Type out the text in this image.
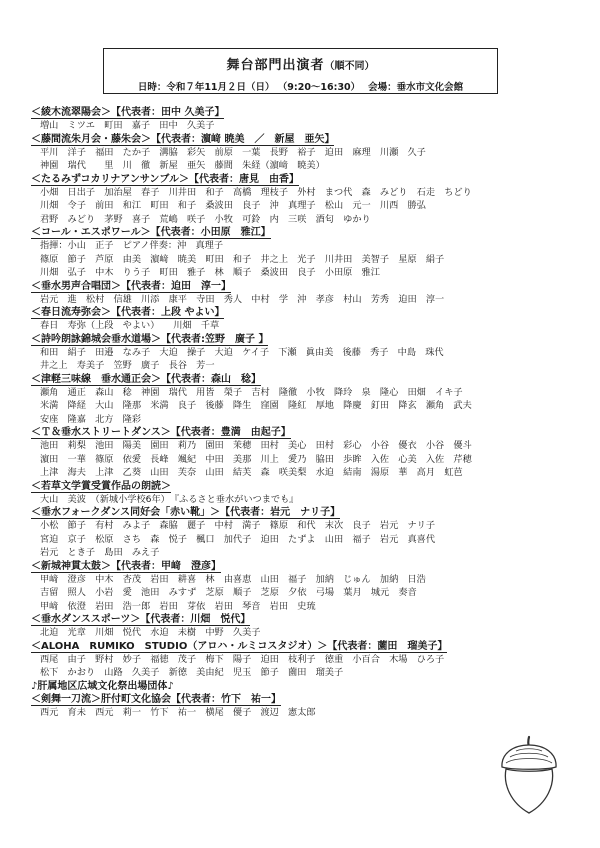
舞台部門出演者（順不同）
日時：令和７年11月２日（日） （9:20～16:30） 会場：垂水市文化会館
＜綾木流翠陽会＞【代表者：田中 久美子】
増山　ミツエ　町田　嘉子　田中　久美子
＜藤間流朱月会・藤朱会＞【代表者：濵﨑 暁美　／　新屋　亜矢】
平川　洋子　福田　たか子　溝脇　彩矢　前原　一葉　長野　裕子　迫田　麻理　川瀬　久子
神園　瑞代　　里　川　徹　新屋　亜矢　藤間　朱経（濵﨑　暁美）
＜たるみずコカリナアンサンブル＞【代表者：唐見　由香】
小畑　日出子　加治屋　春子　川井田　和子　高橋　理枝子　外村　まつ代　森　みどり　石走　ちどり
川畑　令子　前田　和江　町田　和子　桑波田　良子　沖　真理子　松山　元一　川西　勝弘
君野　みどり　茅野　喜子　荒嶋　咲子　小牧　可鈴　内　三咲　酒匂　ゆかり
＜コール・エスポワール＞【代表者：小田原　雅江】
指揮：小山　正子　ピアノ伴奏：沖　真理子
篠原　節子　芦原　由美　濵﨑　暁美　町田　和子　井之上　光子　川井田　美智子　星原　絹子
川畑　弘子　中木　りう子　町田　雅子　林　順子　桑波田　良子　小田原　雅江
＜垂水男声合唱団＞【代表者：迫田　淳一】
岩元　進　松村　信雄　川添　康平　寺田　秀人　中村　学　沖　孝彦　村山　芳秀　迫田　淳一
＜春日流寿弥会＞【代表者：上段 やよい】
春日　寿弥（上段　やよい）　　川畑　千草
＜詩吟朗詠錦城会垂水道場＞【代表者:笠野　廣子 】
和田　絹子　田邉　なみ子　大迫　操子　大迫　ケイ子　下瀬　眞由美　後藤　秀子　中島　珠代
井之上　寿美子　笠野　廣子　長谷　芳一
＜津軽三味線　垂水通正会＞【代表者：森山　稔】
瀬角　通正　森山　稔　神園　瑞代　用皆　榮子　吉村　隆徹　小牧　降玲　泉　隆心　田畑　イキ子
米満　降経　大山　隆那　米満　良子　後藤　降生　窪園　隆紅　厚地　降慶　釘田　降玄　瀬角　武夫
安座　隆嘉　北方　隆彩
＜Ｔ＆垂水ストリートダンス＞【代表者：豊満　由起子】
池田　莉梨　池田　陽美　園田　莉乃　園田　茉穂　田村　美心　田村　彩心　小谷　優衣　小谷　優斗
濵田　一華　篠原　依愛　長峰　颯紀　中田　美那　川上　愛乃　脇田　歩眸　入佐　心美　入佐　芹穂
上津　海夫　上津　乙葵　山田　芙奈　山田　結芙　森　咲美梨　水迫　結南　湯原　華　高月　虹芭
＜若草文学賞受賞作品の朗読＞
大山　美波　（新城小学校6年）　『ふるさと垂水がいつまでも』
＜垂水フォークダンス同好会「赤い靴」＞【代表者：岩元　ナリ子】
小松　節子　有村　みよ子　森脇　麗子　中村　満子　篠原　和代　末次　良子　岩元　ナリ子
宮迫　京子　松原　さち　森　悦子　楓口　加代子　迫田　たずよ　山田　福子　岩元　真喜代
岩元　とき子　島田　みえ子
＜新城神貫太鼓＞【代表者：甲﨑　澄彦】
甲﨑　澄彦　中木　杏茂　岩田　耕喜　林　由喜恵　山田　福子　加納　じゅん　加納　日浩
吉留　照人　小岩　愛　池田　みすず　芝原　順子　芝原　夕依　弓場　葉月　城元　奏音
甲﨑　依澄　岩田　浩一郎　岩田　芽依　岩田　琴音　岩田　史琉
＜垂水ダンススポーツ＞【代表者：川畑　悦代】
北迫　光章　川畑　悦代　水迫　未樹　中野　久美子
＜ALOHA　RUMIKO　STUDIO（アロハ・ルミコスタジオ）＞【代表者：薗田　瑠美子】
西尾　由子　野村　妙子　福徳　茂子　梅下　陽子　迫田　枝利子　徳重　小百合　木場　ひろ子
松下　かおり　山路　久美子　新徳　美由紀　児玉　節子　薗田　瑠美子
♪肝属地区広域文化祭出場団体♪
＜剣舞一刀流＞肝付町文化協会【代表者：竹下　祐一】
西元　育未　西元　莉一　竹下　祐一　横尾　優子　渡辺　憲太郎
